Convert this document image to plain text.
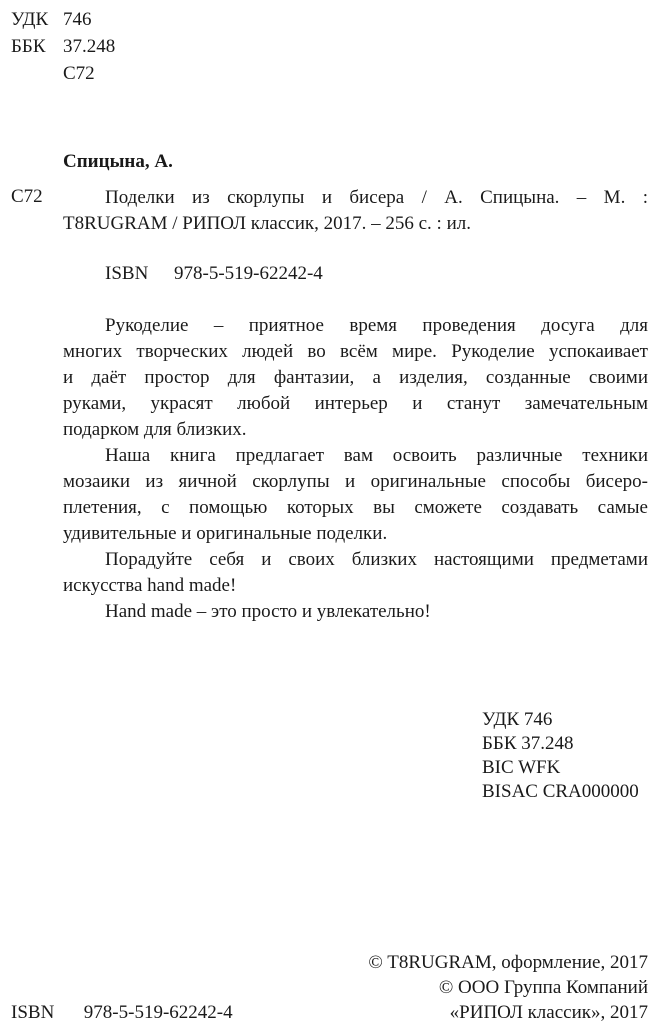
УДК 746
ББК 37.248
С72
Спицына, А.
С72	Поделки из скорлупы и бисера / А. Спицына. – М. :
T8RUGRAM / РИПОЛ классик, 2017. – 256 с. : ил.
ISBN 978-5-519-62242-4
Рукоделие – приятное время проведения досуга для
многих творческих людей во всём мире. Рукоделие успокаивает
и даёт простор для фантазии, а изделия, созданные своими
руками, украсят любой интерьер и станут замечательным
подарком для близких.
Наша книга предлагает вам освоить различные техники
мозаики из яичной скорлупы и оригинальные способы бисеро-
плетения, с помощью которых вы сможете создавать самые
удивительные и оригинальные поделки.
Порадуйте себя и своих близких настоящими предметами
искусства hand made!
Hand made – это просто и увлекательно!
УДК 746
ББК 37.248
BIC WFK
BISAC CRA000000
© T8RUGRAM, оформление, 2017
© ООО Группа Компаний
«РИПОЛ классик», 2017
ISBN 978-5-519-62242-4
